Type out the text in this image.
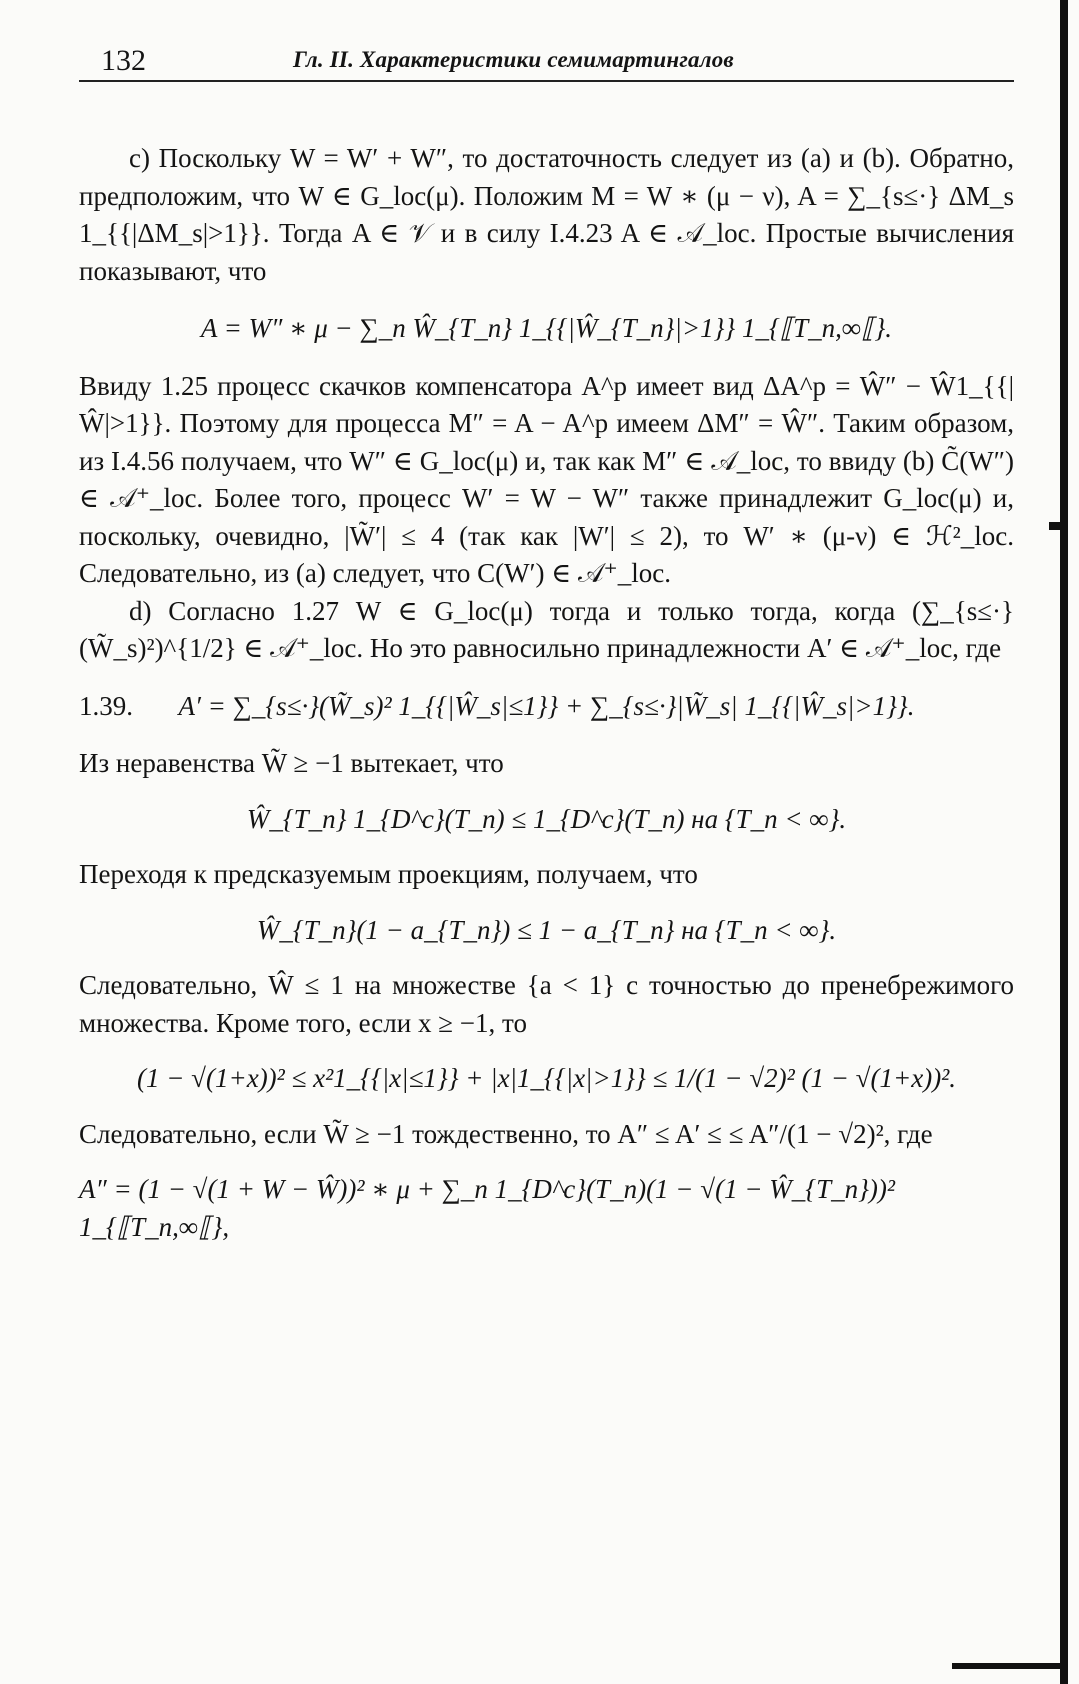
132	Гл. II. Характеристики семимартингалов

c) Поскольку W = W′ + W″, то достаточность следует из (a) и (b). Обратно, предположим, что W ∈ G_loc(μ). Положим M = W ∗ (μ − ν), A = ∑_{s≤·} ΔM_s 1_{{|ΔM_s|>1}}. Тогда A ∈ 𝒱 и в силу I.4.23 A ∈ 𝒜_loc. Простые вычисления показывают, что

A = W″ ∗ μ − ∑_n Ŵ_{T_n} 1_{{|Ŵ_{T_n}|>1}} 1_{⟦T_n,∞⟦}.

Ввиду 1.25 процесс скачков компенсатора A^p имеет вид ΔA^p = Ŵ″ − Ŵ1_{{|Ŵ|>1}}. Поэтому для процесса M″ = A − A^p имеем ΔM″ = Ŵ″. Таким образом, из I.4.56 получаем, что W″ ∈ G_loc(μ) и, так как M″ ∈ 𝒜_loc, то ввиду (b) C̃(W″) ∈ 𝒜⁺_loc. Более того, процесс W′ = W − W″ также принадлежит G_loc(μ) и, поскольку, очевидно, |W̃′| ≤ 4 (так как |W′| ≤ 2), то W′ ∗ (μ-ν) ∈ ℋ²_loc. Следовательно, из (a) следует, что C(W′) ∈ 𝒜⁺_loc.

d) Согласно 1.27 W ∈ G_loc(μ) тогда и только тогда, когда (∑_{s≤·}(W̃_s)²)^{1/2} ∈ 𝒜⁺_loc. Но это равносильно принадлежности A′ ∈ 𝒜⁺_loc, где

1.39. A′ = ∑_{s≤·}(W̃_s)² 1_{{|Ŵ_s|≤1}} + ∑_{s≤·}|W̃_s| 1_{{|Ŵ_s|>1}}.

Из неравенства W̃ ≥ −1 вытекает, что

Ŵ_{T_n} 1_{D^c}(T_n) ≤ 1_{D^c}(T_n) на {T_n < ∞}.

Переходя к предсказуемым проекциям, получаем, что

Ŵ_{T_n}(1 − a_{T_n}) ≤ 1 − a_{T_n} на {T_n < ∞}.

Следовательно, Ŵ ≤ 1 на множестве {a < 1} с точностью до пренебрежимого множества. Кроме того, если x ≥ −1, то

(1 − √(1+x))² ≤ x²1_{{|x|≤1}} + |x|1_{{|x|>1}} ≤ 1/(1 − √2)² (1 − √(1+x))².

Следовательно, если W̃ ≥ −1 тождественно, то A″ ≤ A′ ≤ ≤ A″/(1 − √2)², где

A″ = (1 − √(1 + W − Ŵ))² ∗ μ + ∑_n 1_{D^c}(T_n)(1 − √(1 − Ŵ_{T_n}))² 1_{⟦T_n,∞⟦},
